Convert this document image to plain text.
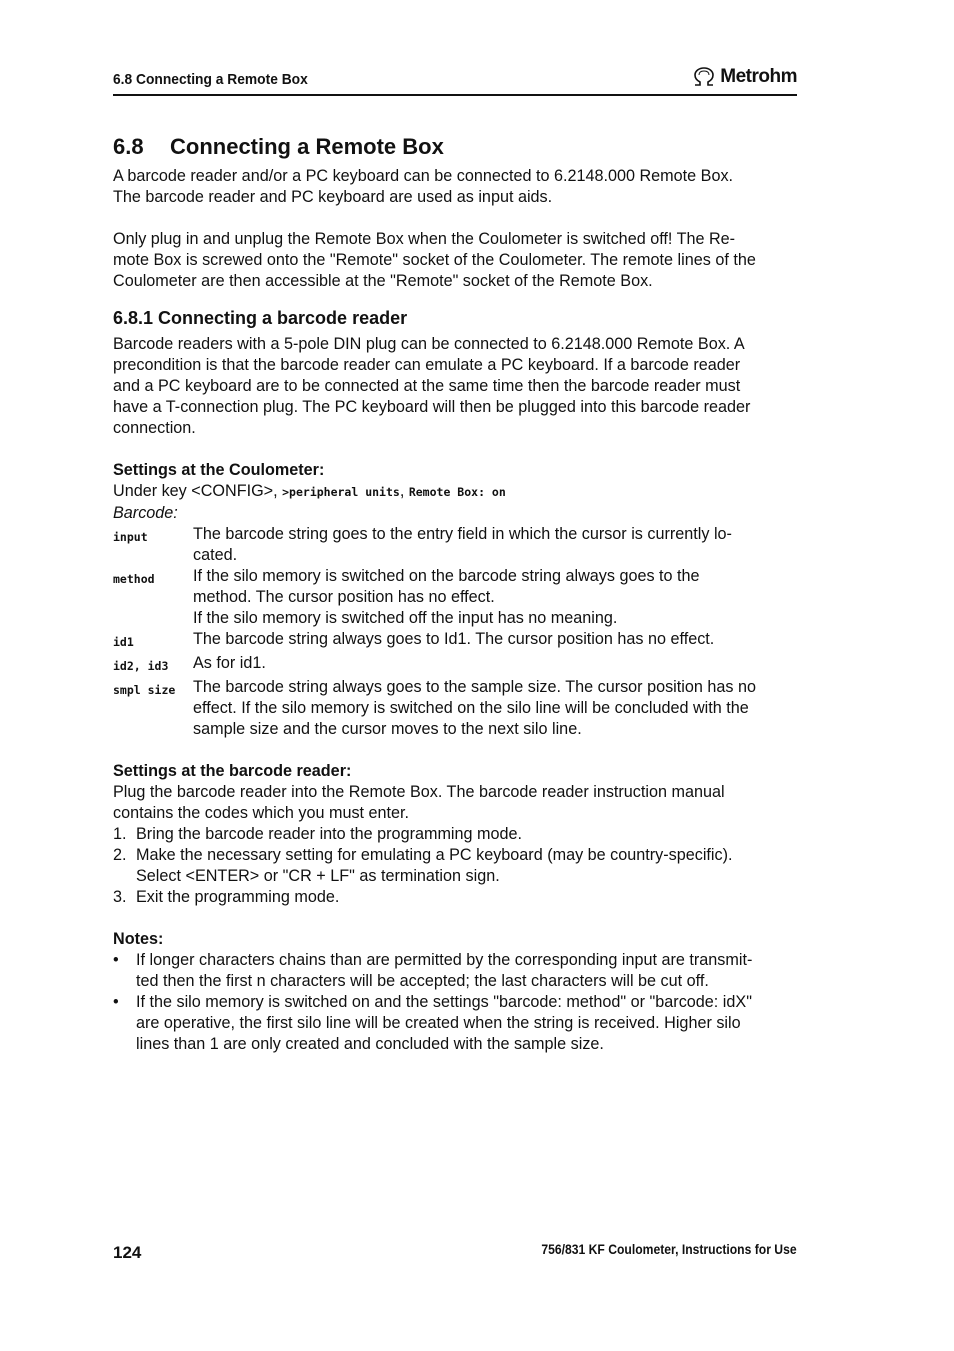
6.8 Connecting a Remote Box	Metrohm
6.8 Connecting a Remote Box

A barcode reader and/or a PC keyboard can be connected to 6.2148.000 Remote Box.

The barcode reader and PC keyboard are used as input aids.

Only plug in and unplug the Remote Box when the Coulometer is switched off! The Re-

mote Box is screwed onto the "Remote" socket of the Coulometer. The remote lines of the

Coulometer are then accessible at the "Remote" socket of the Remote Box.

6.8.1 Connecting a barcode reader

Barcode readers with a 5-pole DIN plug can be connected to 6.2148.000 Remote Box. A

precondition is that the barcode reader can emulate a PC keyboard. If a barcode reader

and a PC keyboard are to be connected at the same time then the barcode reader must

have a T-connection plug. The PC keyboard will then be plugged into this barcode reader

connection.

Settings at the Coulometer:

Under key <CONFIG>, >peripheral units, Remote Box: on

Barcode:

input	The barcode string goes to the entry field in which the cursor is currently lo-
cated.
method	If the silo memory is switched on the barcode string always goes to the
method. The cursor position has no effect.
If the silo memory is switched off the input has no meaning.
id1	The barcode string always goes to Id1. The cursor position has no effect.
id2, id3	As for id1.
smpl size	The barcode string always goes to the sample size. The cursor position has no
effect. If the silo memory is switched on the silo line will be concluded with the
sample size and the cursor moves to the next silo line.

Settings at the barcode reader:

Plug the barcode reader into the Remote Box. The barcode reader instruction manual

contains the codes which you must enter.

1. Bring the barcode reader into the programming mode.
2. Make the necessary setting for emulating a PC keyboard (may be country-specific).
Select <ENTER> or "CR + LF" as termination sign.
3. Exit the programming mode.

Notes:

•	If longer characters chains than are permitted by the corresponding input are transmit-
ted then the first n characters will be accepted; the last characters will be cut off.
•	If the silo memory is switched on and the settings "barcode: method" or "barcode: idX"
are operative, the first silo line will be created when the string is received. Higher silo
lines than 1 are only created and concluded with the sample size.
124	756/831 KF Coulometer, Instructions for Use
